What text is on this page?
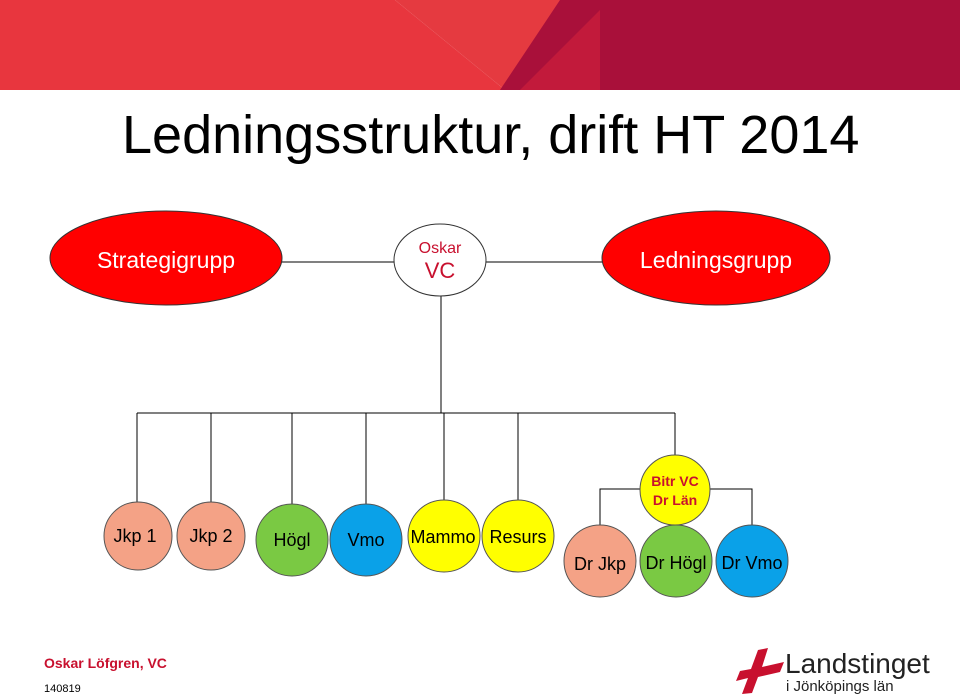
Strategigrupp	Ledningsgrupp
Oskar
VC
Jkp 1 Jkp 2 Högl Vmo Mammo Resurs
Dr Jkp Dr Högl Dr Vmo
Bitr VC
Dr Län
Ledningsstruktur, drift HT 2014
Oskar Löfgren, VC
140819
Landstinget
i Jönköpings län
